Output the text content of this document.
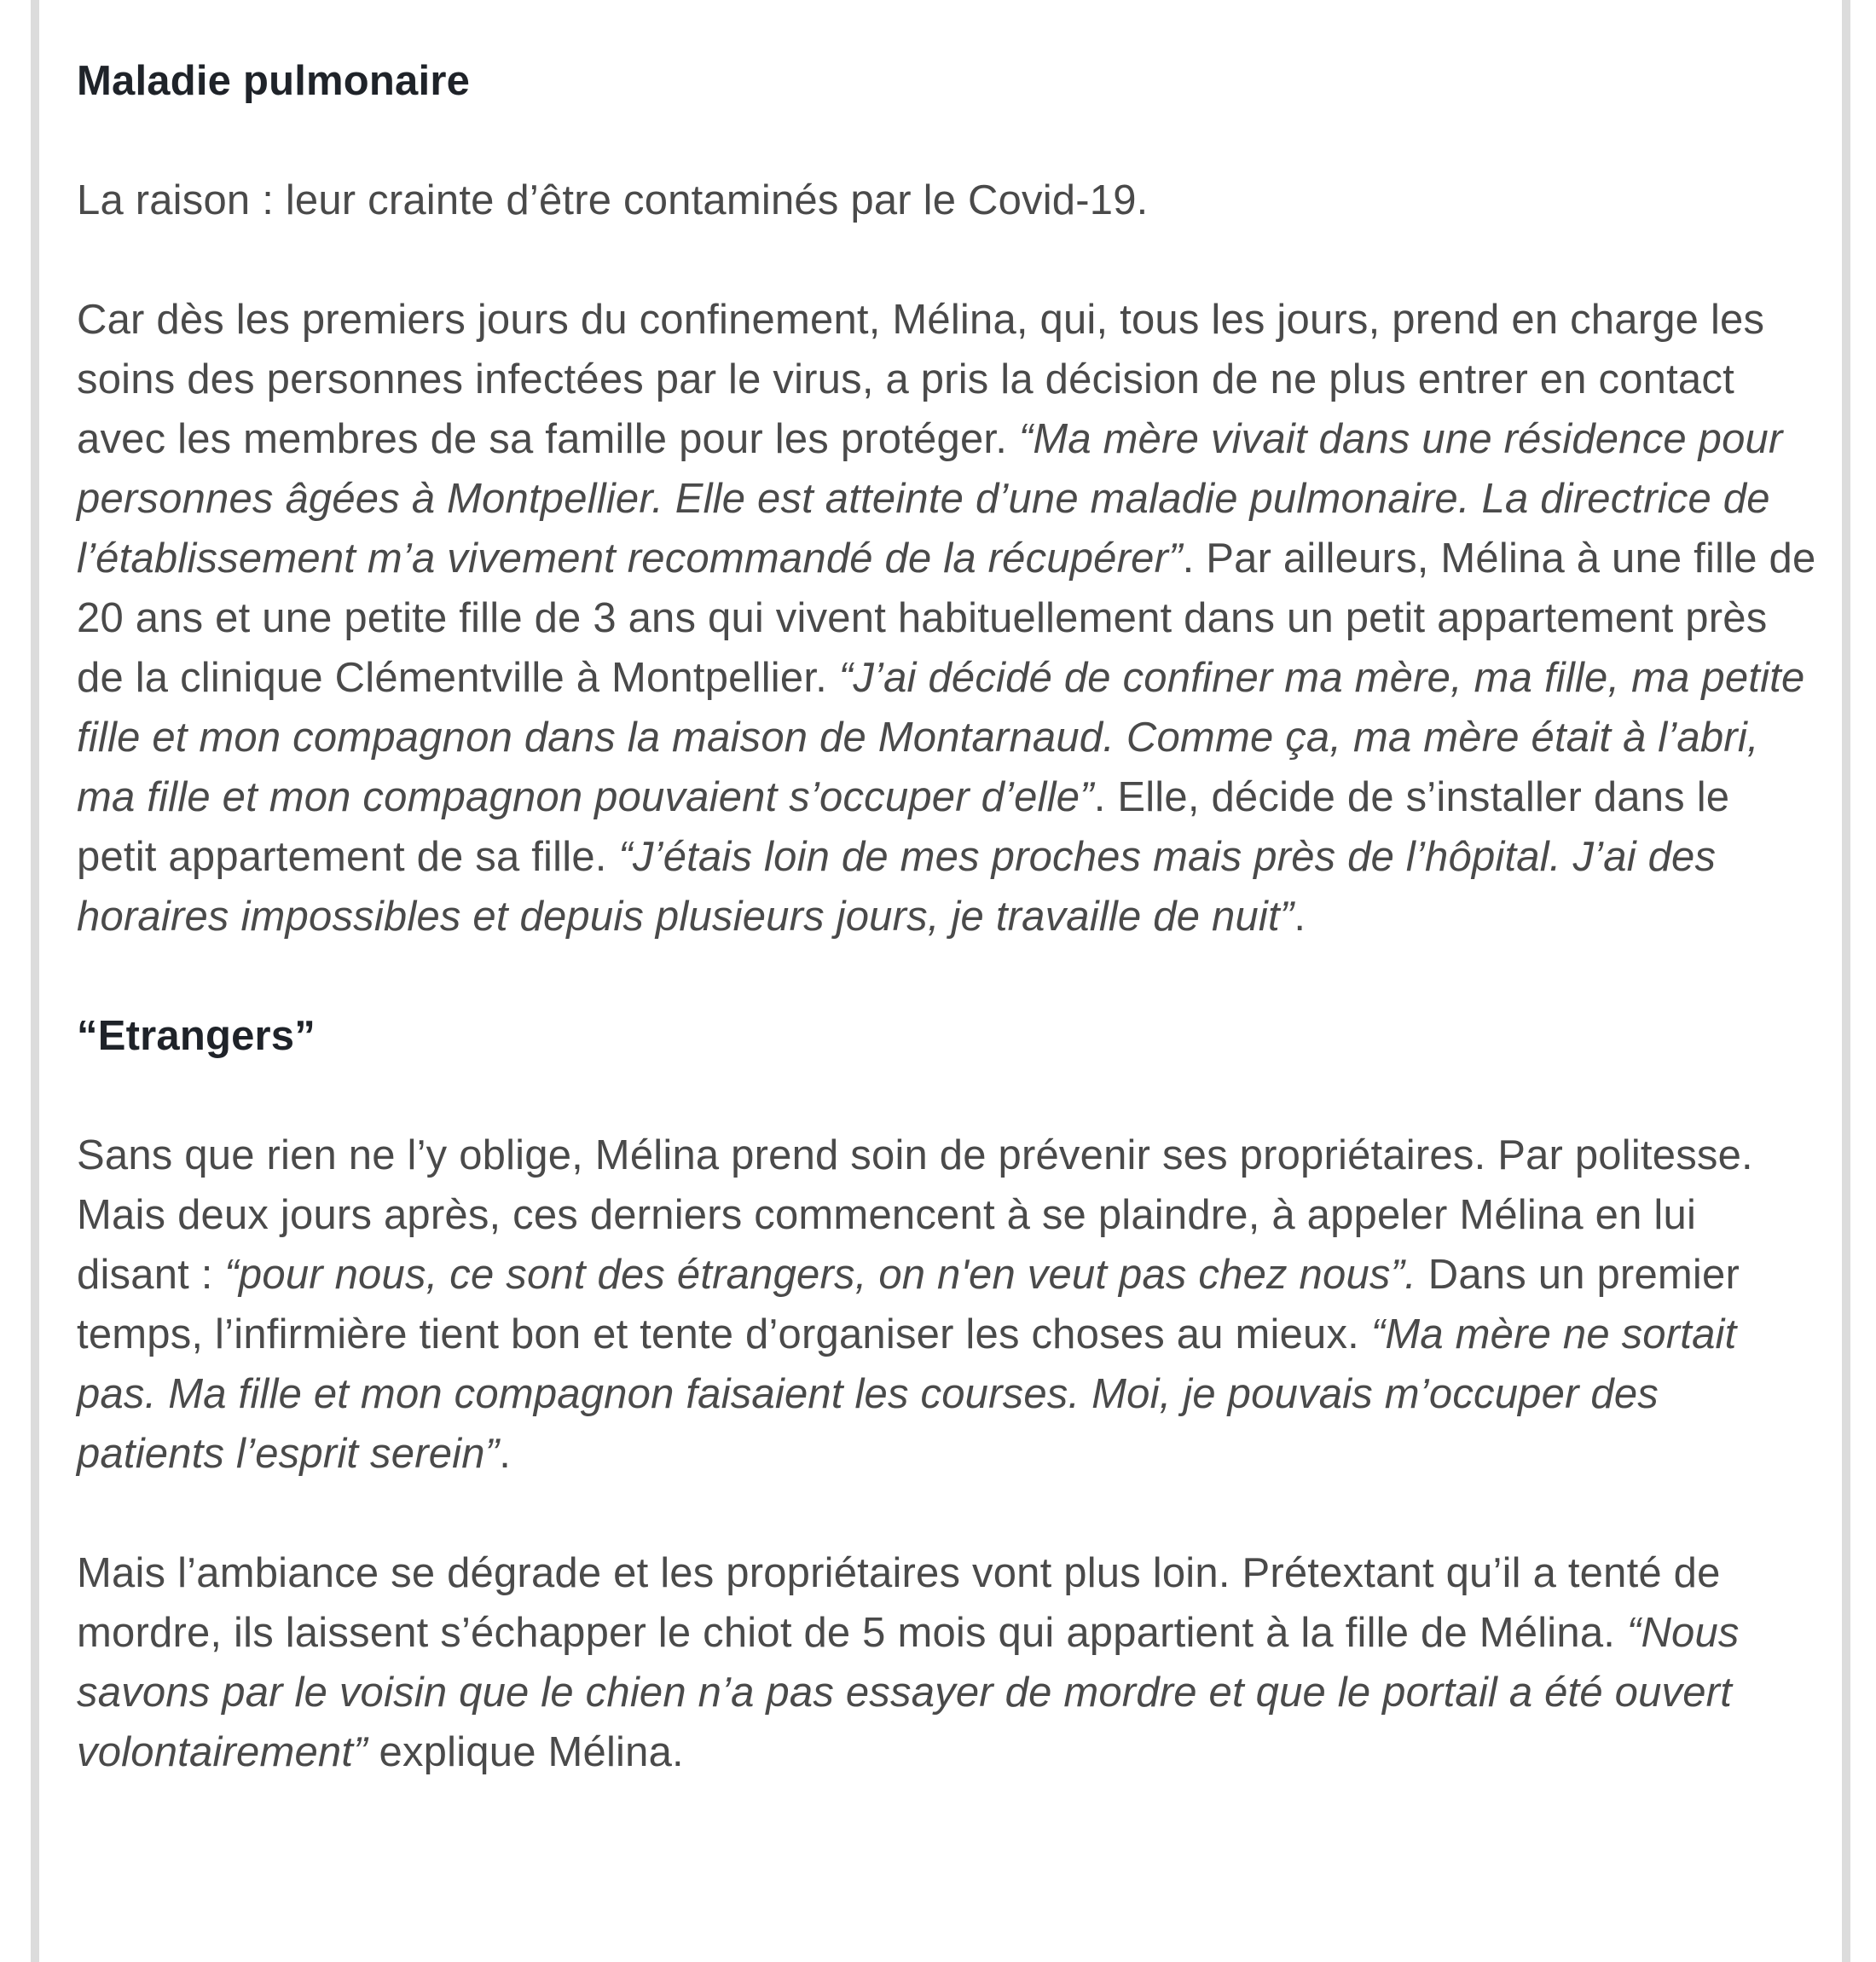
Maladie pulmonaire

La raison : leur crainte d’être contaminés par le Covid-19.

Car dès les premiers jours du confinement, Mélina, qui, tous les jours, prend en charge les soins des personnes infectées par le virus, a pris la décision de ne plus entrer en contact avec les membres de sa famille pour les protéger. “Ma mère vivait dans une résidence pour personnes âgées à Montpellier. Elle est atteinte d’une maladie pulmonaire. La directrice de l’établissement m’a vivement recommandé de la récupérer”. Par ailleurs, Mélina à une fille de 20 ans et une petite fille de 3 ans qui vivent habituellement dans un petit appartement près de la clinique Clémentville à Montpellier. “J’ai décidé de confiner ma mère, ma fille, ma petite fille et mon compagnon dans la maison de Montarnaud. Comme ça, ma mère était à l’abri, ma fille et mon compagnon pouvaient s’occuper d’elle”. Elle, décide de s’installer dans le petit appartement de sa fille. “J’étais loin de mes proches mais près de l’hôpital. J’ai des horaires impossibles et depuis plusieurs jours, je travaille de nuit”.

“Etrangers”

Sans que rien ne l’y oblige, Mélina prend soin de prévenir ses propriétaires. Par politesse. Mais deux jours après, ces derniers commencent à se plaindre, à appeler Mélina en lui disant : “pour nous, ce sont des étrangers, on n'en veut pas chez nous”. Dans un premier temps, l’infirmière tient bon et tente d’organiser les choses au mieux. “Ma mère ne sortait pas. Ma fille et mon compagnon faisaient les courses. Moi, je pouvais m’occuper des patients l’esprit serein”.

Mais l’ambiance se dégrade et les propriétaires vont plus loin. Prétextant qu’il a tenté de mordre, ils laissent s’échapper le chiot de 5 mois qui appartient à la fille de Mélina. “Nous savons par le voisin que le chien n’a pas essayer de mordre et que le portail a été ouvert volontairement” explique Mélina.
